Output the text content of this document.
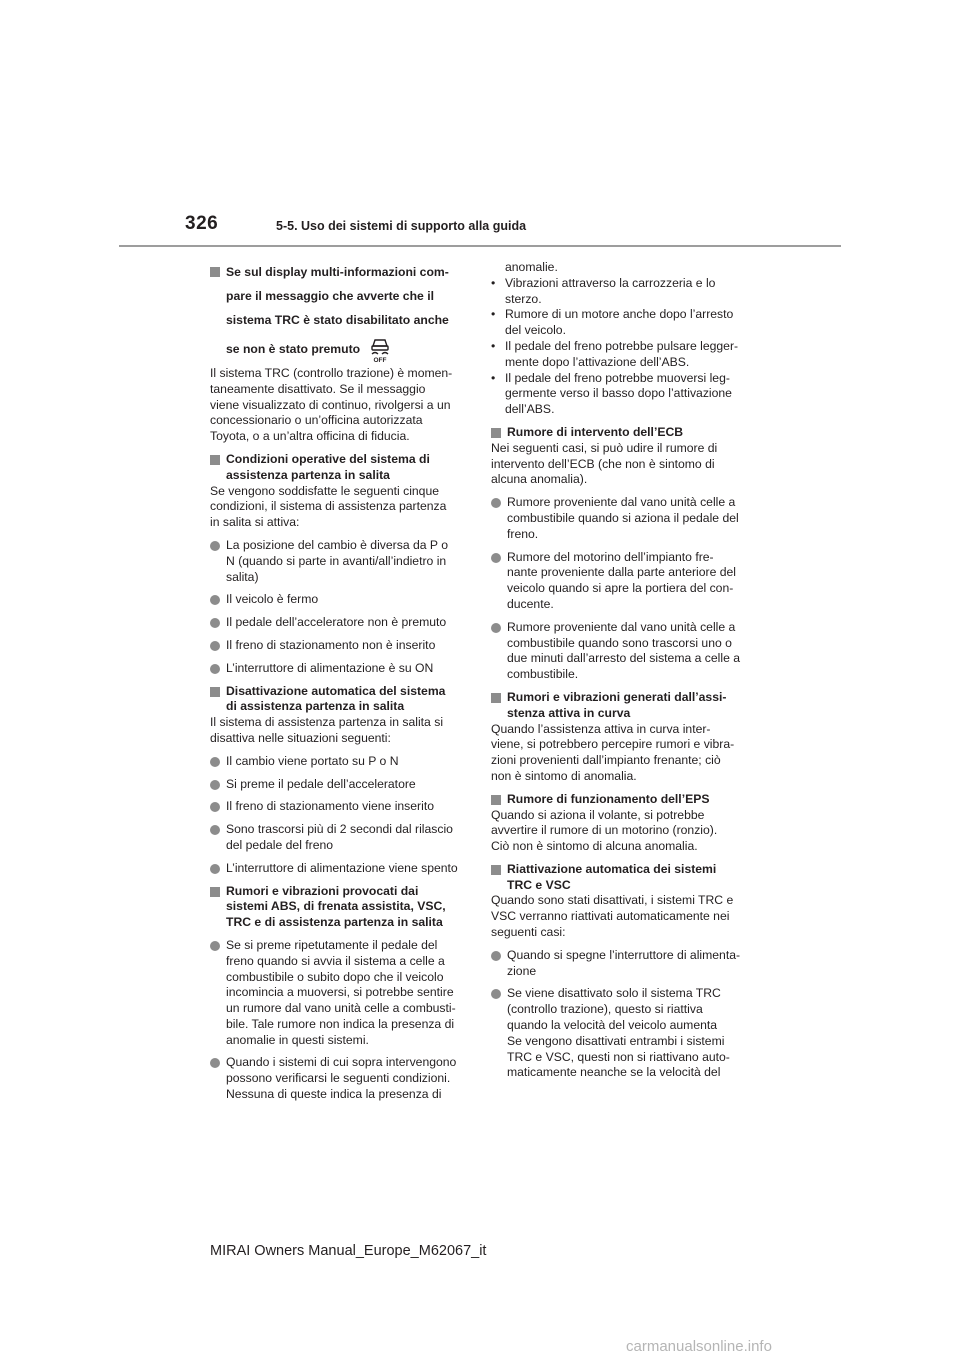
326	5-5. Uso dei sistemi di supporto alla guida
Se sul display multi-informazioni com-
pare il messaggio che avverte che il
sistema TRC è stato disabilitato anche
se non è stato premuto
OFF
Il sistema TRC (controllo trazione) è momen-
taneamente disattivato. Se il messaggio
viene visualizzato di continuo, rivolgersi a un
concessionario o un’officina autorizzata
Toyota, o a un’altra officina di fiducia.
Condizioni operative del sistema di
assistenza partenza in salita
Se vengono soddisfatte le seguenti cinque
condizioni, il sistema di assistenza partenza
in salita si attiva:
La posizione del cambio è diversa da P o
N (quando si parte in avanti/all’indietro in
salita)
Il veicolo è fermo
Il pedale dell’acceleratore non è premuto
Il freno di stazionamento non è inserito
L’interruttore di alimentazione è su ON
Disattivazione automatica del sistema
di assistenza partenza in salita
Il sistema di assistenza partenza in salita si
disattiva nelle situazioni seguenti:
Il cambio viene portato su P o N
Si preme il pedale dell’acceleratore
Il freno di stazionamento viene inserito
Sono trascorsi più di 2 secondi dal rilascio
del pedale del freno
L’interruttore di alimentazione viene spento
Rumori e vibrazioni provocati dai
sistemi ABS, di frenata assistita, VSC,
TRC e di assistenza partenza in salita
Se si preme ripetutamente il pedale del
freno quando si avvia il sistema a celle a
combustibile o subito dopo che il veicolo
incomincia a muoversi, si potrebbe sentire
un rumore dal vano unità celle a combusti-
bile. Tale rumore non indica la presenza di
anomalie in questi sistemi.
Quando i sistemi di cui sopra intervengono
possono verificarsi le seguenti condizioni.
Nessuna di queste indica la presenza di
anomalie.
• Vibrazioni attraverso la carrozzeria e lo
sterzo.
• Rumore di un motore anche dopo l’arresto
del veicolo.
• Il pedale del freno potrebbe pulsare legger-
mente dopo l’attivazione dell’ABS.
• Il pedale del freno potrebbe muoversi leg-
germente verso il basso dopo l’attivazione
dell’ABS.
Rumore di intervento dell’ECB
Nei seguenti casi, si può udire il rumore di
intervento dell’ECB (che non è sintomo di
alcuna anomalia).
Rumore proveniente dal vano unità celle a
combustibile quando si aziona il pedale del
freno.
Rumore del motorino dell’impianto fre-
nante proveniente dalla parte anteriore del
veicolo quando si apre la portiera del con-
ducente.
Rumore proveniente dal vano unità celle a
combustibile quando sono trascorsi uno o
due minuti dall’arresto del sistema a celle a
combustibile.
Rumori e vibrazioni generati dall’assi-
stenza attiva in curva
Quando l’assistenza attiva in curva inter-
viene, si potrebbero percepire rumori e vibra-
zioni provenienti dall’impianto frenante; ciò
non è sintomo di anomalia.
Rumore di funzionamento dell’EPS
Quando si aziona il volante, si potrebbe
avvertire il rumore di un motorino (ronzio).
Ciò non è sintomo di alcuna anomalia.
Riattivazione automatica dei sistemi
TRC e VSC
Quando sono stati disattivati, i sistemi TRC e
VSC verranno riattivati automaticamente nei
seguenti casi:
Quando si spegne l’interruttore di alimenta-
zione
Se viene disattivato solo il sistema TRC
(controllo trazione), questo si riattiva
quando la velocità del veicolo aumenta
Se vengono disattivati entrambi i sistemi
TRC e VSC, questi non si riattivano auto-
maticamente neanche se la velocità del
MIRAI Owners Manual_Europe_M62067_it
carmanualsonline.info
